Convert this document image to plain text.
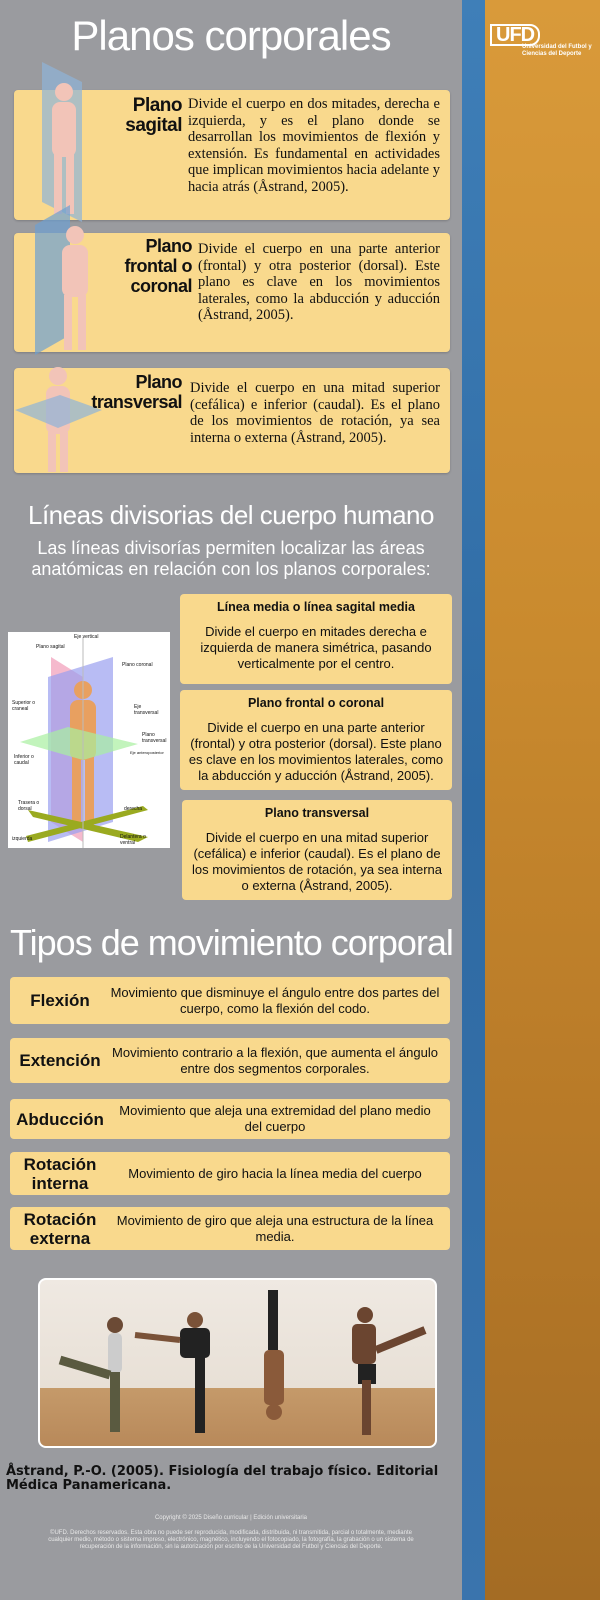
UFD
Universidad del Futbol y Ciencias del Deporte
Planos corporales
Plano sagital
Divide el cuerpo en dos mitades, derecha e izquierda, y es el plano donde se desarrollan los movimientos de flexión y extensión. Es fundamental en actividades que implican movimientos hacia adelante y hacia atrás (Åstrand, 2005).
Plano frontal o coronal
Divide el cuerpo en una parte anterior (frontal) y otra posterior (dorsal). Este plano es clave en los movimientos laterales, como la abducción y aducción (Åstrand, 2005).
Plano transversal
Divide el cuerpo en una mitad superior (cefálica) e inferior (caudal). Es el plano de los movimientos de rotación, ya sea interna o externa (Åstrand, 2005).
Líneas divisorias del cuerpo humano
Las líneas divisorías permiten localizar las áreas anatómicas en relación con los planos corporales:
Eje vertical
Plano sagital
Plano coronal
Superior o craneal	Eje transversal
Plano transversal
Inferior o caudal
Eje anteroposterior
Trasera o dorsal	derecha
izquierda	Delantera o ventral
Línea media o línea sagital media
Divide el cuerpo en mitades derecha e izquierda de manera simétrica, pasando verticalmente por el centro.
Plano frontal o coronal
Divide el cuerpo en una parte anterior (frontal) y otra posterior (dorsal). Este plano es clave en los movimientos laterales, como la abducción y aducción (Åstrand, 2005).
Plano transversal
Divide el cuerpo en una mitad superior (cefálica) e inferior (caudal). Es el plano de los movimientos de rotación, ya sea interna o externa (Åstrand, 2005).
Tipos de movimiento corporal
Flexión	Movimiento que disminuye el ángulo entre dos partes del cuerpo, como la flexión del codo.
Extención Movimiento contrario a la flexión, que aumenta el ángulo entre dos segmentos corporales.
Abducción	Movimiento que aleja una extremidad del plano medio del cuerpo
Rotación interna
Movimiento de giro hacia la línea media del cuerpo
Rotación externa
Movimiento de giro que aleja una estructura de la línea media.
Åstrand, P.-O. (2005). Fisiología del trabajo físico. Editorial Médica Panamericana.
Copyright © 2025 Diseño curricular | Edición universitaria
©UFD. Derechos reservados. Esta obra no puede ser reproducida, modificada, distribuida, ni transmitida, parcial o totalmente, mediante cualquier medio, método o sistema impreso, electrónico, magnético, incluyendo el fotocopiado, la fotografía, la grabación o un sistema de recuperación de la información, sin la autorización por escrito de la Universidad del Futbol y Ciencias del Deporte.
